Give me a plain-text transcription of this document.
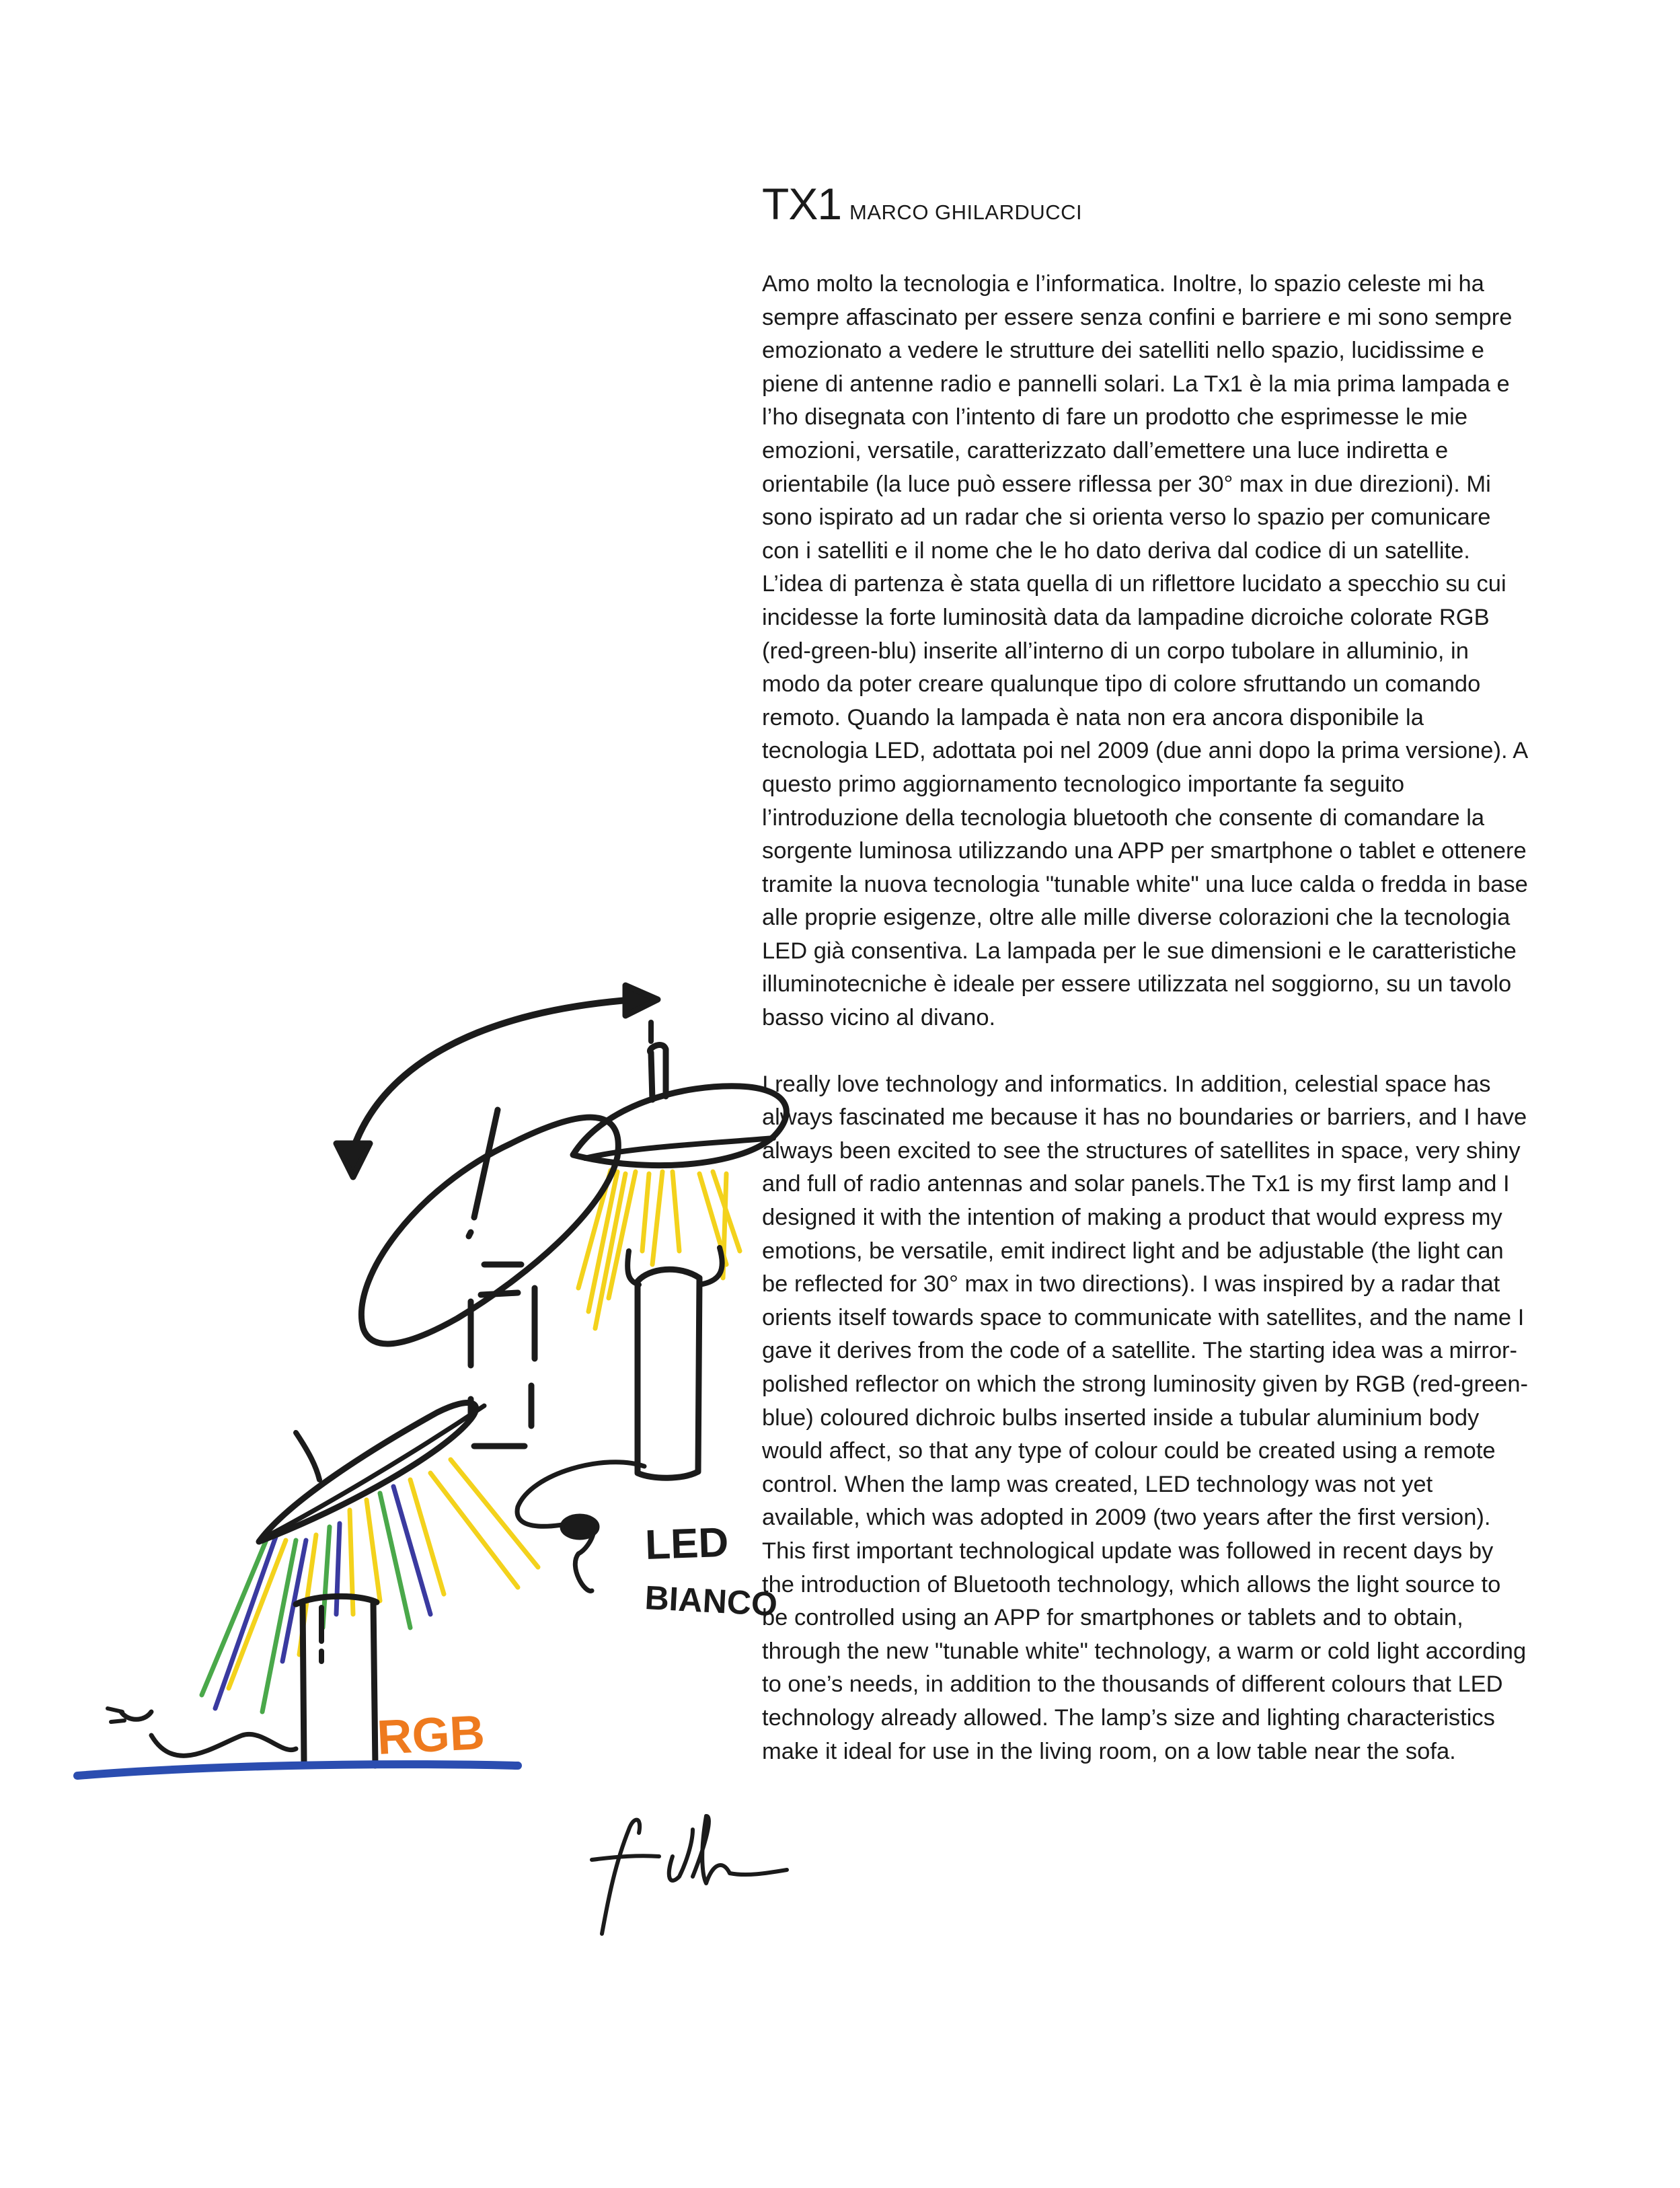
LED
BIANCO
RGB
TX1 MARCO GHILARDUCCI

Amo molto la tecnologia e l’informatica. Inoltre, lo spazio celeste mi ha sempre affascinato per essere senza confini e barriere e mi sono sempre emozionato a vedere le strutture dei satelliti nello spazio, lucidissime e piene di antenne radio e pannelli solari. La Tx1 è la mia prima lampada e l’ho disegnata con l’intento di fare un prodotto che esprimesse le mie emozioni, versatile, caratterizzato dall’emettere una luce indiretta e orientabile (la luce può essere riflessa per 30° max in due direzioni). Mi sono ispirato ad un radar che si orienta verso lo spazio per comunicare con i satelliti e il nome che le ho dato deriva dal codice di un satellite. L’idea di partenza è stata quella di un riflettore lucidato a specchio su cui incidesse la forte luminosità data da lampadine dicroiche colorate RGB (red-green-blu) inserite all’interno di un corpo tubolare in alluminio, in modo da poter creare qualunque tipo di colore sfruttando un comando remoto. Quando la lampada è nata non era ancora disponibile la tecnologia LED, adottata poi nel 2009 (due anni dopo la prima versione). A questo primo aggiornamento tecnologico importante fa seguito l’introduzione della tecnologia bluetooth che consente di comandare la sorgente luminosa utilizzando una APP per smartphone o tablet e ottenere tramite la nuova tecnologia "tunable white" una luce calda o fredda in base alle proprie esigenze, oltre alle mille diverse colorazioni che la tecnologia LED già consentiva. La lampada per le sue dimensioni e le caratteristiche illuminotecniche è ideale per essere utilizzata nel soggiorno, su un tavolo basso vicino al divano.

I really love technology and informatics. In addition, celestial space has always fascinated me because it has no boundaries or barriers, and I have always been excited to see the structures of satellites in space, very shiny and full of radio antennas and solar panels.The Tx1 is my first lamp and I designed it with the intention of making a product that would express my emotions, be versatile, emit indirect light and be adjustable (the light can be reflected for 30° max in two directions). I was inspired by a radar that orients itself towards space to communicate with satellites, and the name I gave it derives from the code of a satellite. The starting idea was a mirror-polished reflector on which the strong luminosity given by RGB (red-green-blue) coloured dichroic bulbs inserted inside a tubular aluminium body would affect, so that any type of colour could be created using a remote control. When the lamp was created, LED technology was not yet available, which was adopted in 2009 (two years after the first version). This first important technological update was followed in recent days by the introduction of Bluetooth technology, which allows the light source to be controlled using an APP for smartphones or tablets and to obtain, through the new "tunable white" technology, a warm or cold light according to one’s needs, in addition to the thousands of different colours that LED technology already allowed. The lamp’s size and lighting characteristics make it ideal for use in the living room, on a low table near the sofa.
